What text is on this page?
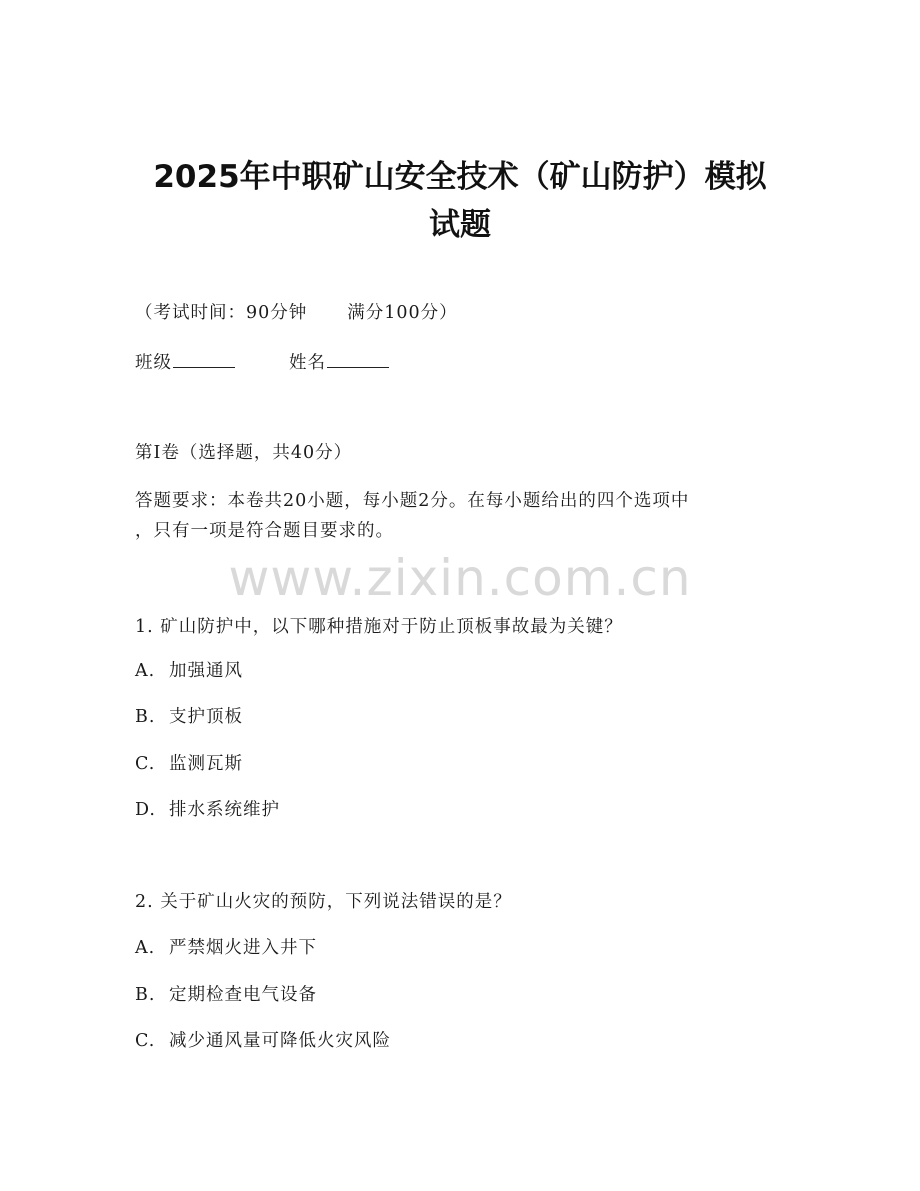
2025年中职矿山安全技术（矿山防护）模拟
试题
（考试时间：90分钟 满分100分）
班级	姓名
第I卷（选择题，共40分）
答题要求：本卷共20小题，每小题2分。在每小题给出的四个选项中
，只有一项是符合题目要求的。
www.zixin.com.cn
1. 矿山防护中，以下哪种措施对于防止顶板事故最为关键？
A. 加强通风
B. 支护顶板
C. 监测瓦斯
D. 排水系统维护
2. 关于矿山火灾的预防，下列说法错误的是？
A. 严禁烟火进入井下
B. 定期检查电气设备
C. 减少通风量可降低火灾风险
